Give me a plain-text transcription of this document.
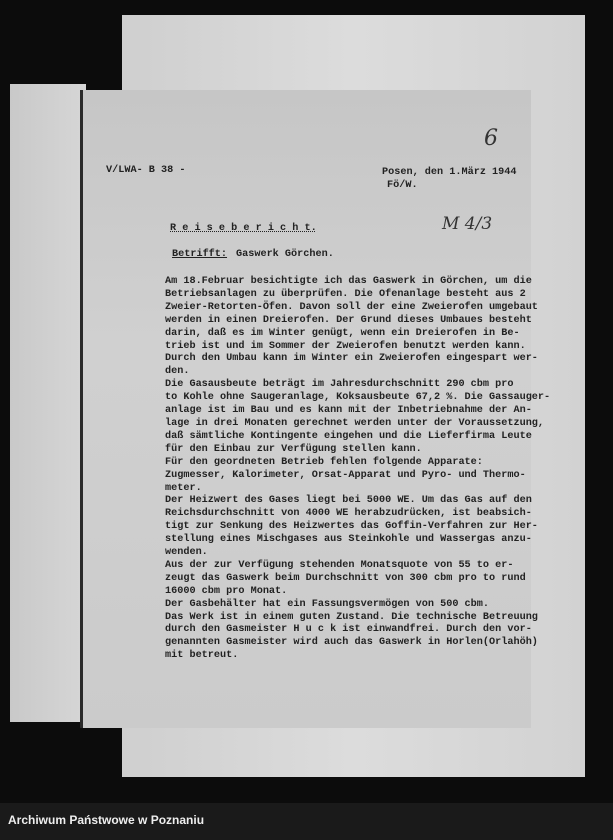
V/LWA- B 38 -	Posen, den 1.März 1944
Fö/W.
6
M 4/3
R e i s e b e r i c h t.
Betrifft: Gaswerk Görchen.
Am 18.Februar besichtigte ich das Gaswerk in Görchen, um die
Betriebsanlagen zu überprüfen. Die Ofenanlage besteht aus 2
Zweier-Retorten-Öfen. Davon soll der eine Zweierofen umgebaut
werden in einen Dreierofen. Der Grund dieses Umbaues besteht
darin, daß es im Winter genügt, wenn ein Dreierofen in Be-
trieb ist und im Sommer der Zweierofen benutzt werden kann.
Durch den Umbau kann im Winter ein Zweierofen eingespart wer-
den.
Die Gasausbeute beträgt im Jahresdurchschnitt 290 cbm pro
to Kohle ohne Saugeranlage, Koksausbeute 67,2 %. Die Gassauger-
anlage ist im Bau und es kann mit der Inbetriebnahme der An-
lage in drei Monaten gerechnet werden unter der Voraussetzung,
daß sämtliche Kontingente eingehen und die Lieferfirma Leute
für den Einbau zur Verfügung stellen kann.
Für den geordneten Betrieb fehlen folgende Apparate:
Zugmesser, Kalorimeter, Orsat-Apparat und Pyro- und Thermo-
meter.
Der Heizwert des Gases liegt bei 5000 WE. Um das Gas auf den
Reichsdurchschnitt von 4000 WE herabzudrücken, ist beabsich-
tigt zur Senkung des Heizwertes das Goffin-Verfahren zur Her-
stellung eines Mischgases aus Steinkohle und Wassergas anzu-
wenden.
Aus der zur Verfügung stehenden Monatsquote von 55 to er-
zeugt das Gaswerk beim Durchschnitt von 300 cbm pro to rund
16000 cbm pro Monat.
Der Gasbehälter hat ein Fassungsvermögen von 500 cbm.
Das Werk ist in einem guten Zustand. Die technische Betreuung
durch den Gasmeister H u c k ist einwandfrei. Durch den vor-
genannten Gasmeister wird auch das Gaswerk in Horlen(Orlahöh)
mit betreut.
Archiwum Państwowe w Poznaniu
